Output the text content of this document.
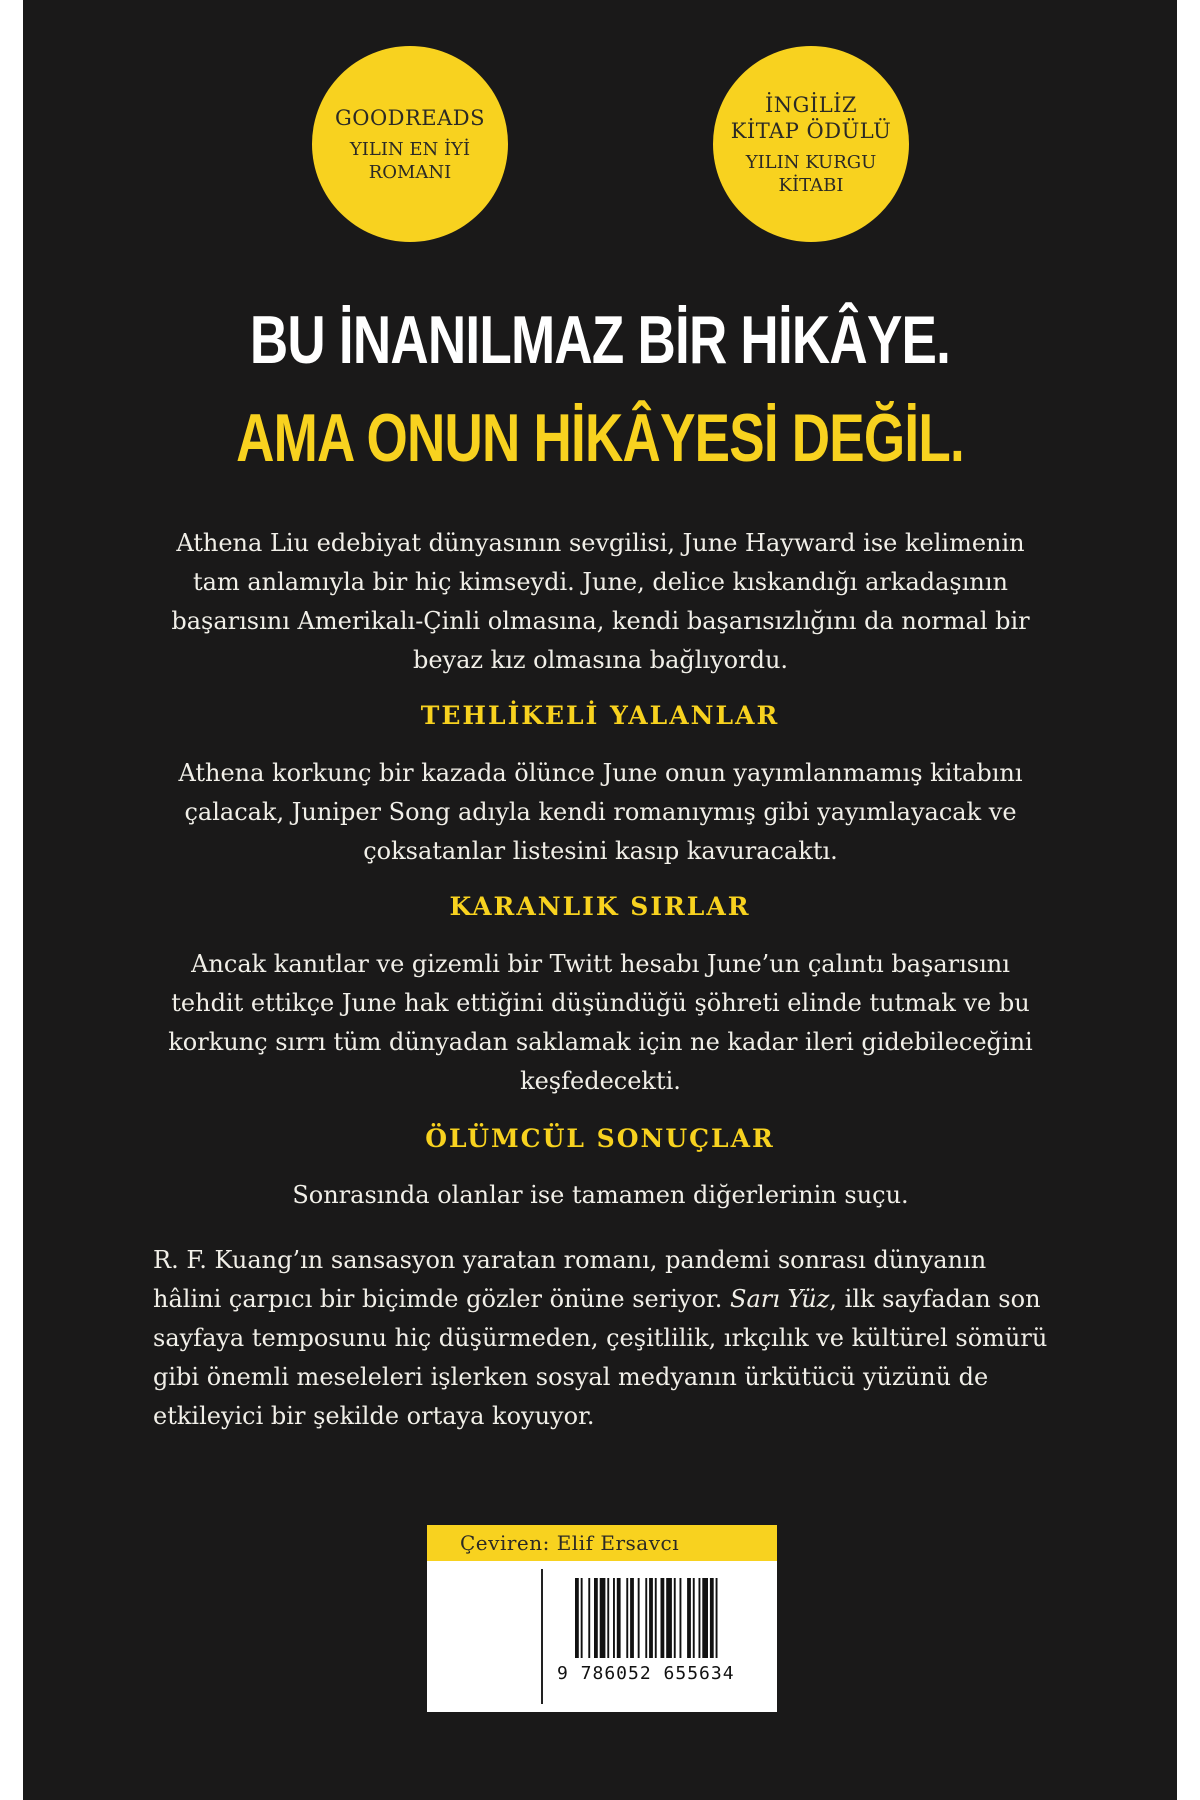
GOODREADS
YILIN EN İYİ
ROMANI
İNGİLİZ
KİTAP ÖDÜLÜ
YILIN KURGU
KİTABI
BU İNANILMAZ BİR HİKÂYE.
AMA ONUN HİKÂYESİ DEĞİL.
Athena Liu edebiyat dünyasının sevgilisi, June Hayward ise kelimenin tam anlamıyla bir hiç kimseydi. June, delice kıskandığı arkadaşının başarısını Amerikalı-Çinli olmasına, kendi başarısızlığını da normal bir beyaz kız olmasına bağlıyordu.
TEHLİKELİ YALANLAR
Athena korkunç bir kazada ölünce June onun yayımlanmamış kitabını çalacak, Juniper Song adıyla kendi romanıymış gibi yayımlayacak ve çoksatanlar listesini kasıp kavuracaktı.
KARANLIK SIRLAR
Ancak kanıtlar ve gizemli bir Twitt hesabı June’un çalıntı başarısını tehdit ettikçe June hak ettiğini düşündüğü şöhreti elinde tutmak ve bu korkunç sırrı tüm dünyadan saklamak için ne kadar ileri gidebileceğini keşfedecekti.
ÖLÜMCÜL SONUÇLAR
Sonrasında olanlar ise tamamen diğerlerinin suçu.
R. F. Kuang’ın sansasyon yaratan romanı, pandemi sonrası dünyanın hâlini çarpıcı bir biçimde gözler önüne seriyor. Sarı Yüz, ilk sayfadan son sayfaya temposunu hiç düşürmeden, çeşitlilik, ırkçılık ve kültürel sömürü gibi önemli meseleleri işlerken sosyal medyanın ürkütücü yüzünü de etkileyici bir şekilde ortaya koyuyor.
Çeviren: Elif Ersavcı
9 786052 655634
